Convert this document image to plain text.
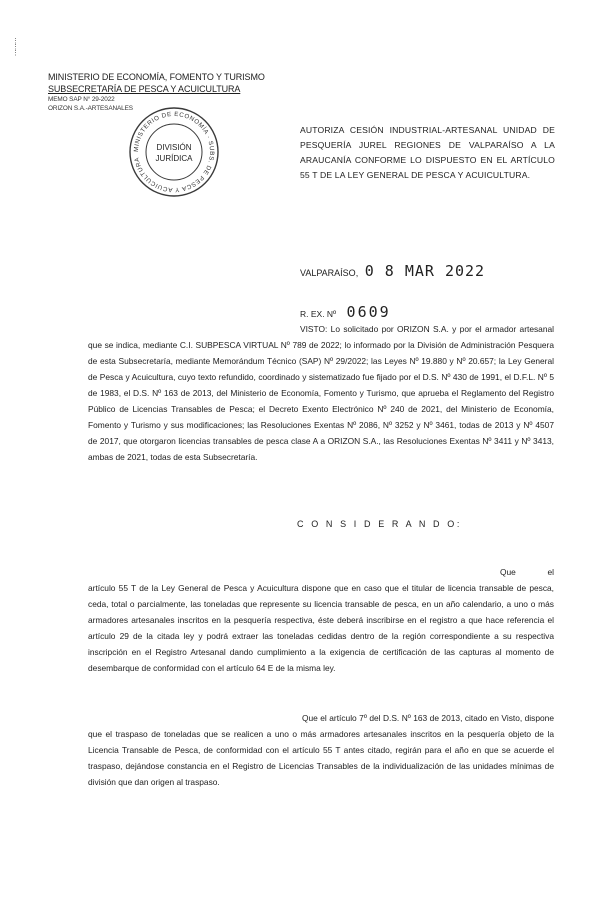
⋮
⋮
⋮
MINISTERIO DE ECONOMÍA, FOMENTO Y TURISMO
SUBSECRETARÍA DE PESCA Y ACUICULTURA
MEMO SAP N° 29-2022
ORIZON S.A.-ARTESANALES
MINISTERIO DE ECONOMÍA · SUBS. DE PESCA Y ACUICULTURA
DIVISIÓN
JURÍDICA
AUTORIZA CESIÓN INDUSTRIAL-ARTESANAL UNIDAD DE PESQUERÍA JUREL REGIONES DE VALPARAÍSO A LA ARAUCANÍA CONFORME LO DISPUESTO EN EL ARTÍCULO 55 T DE LA LEY GENERAL DE PESCA Y ACUICULTURA.
VALPARAÍSO, 0 8 MAR 2022
R. EX. Nº 0609
VISTO: Lo solicitado por ORIZON S.A. y por el armador artesanal que se indica, mediante C.I. SUBPESCA VIRTUAL Nº 789 de 2022; lo informado por la División de Administración Pesquera de esta Subsecretaría, mediante Memorándum Técnico (SAP) Nº 29/2022; las Leyes Nº 19.880 y Nº 20.657; la Ley General de Pesca y Acuicultura, cuyo texto refundido, coordinado y sistematizado fue fijado por el D.S. Nº 430 de 1991, el D.F.L. Nº 5 de 1983, el D.S. Nº 163 de 2013, del Ministerio de Economía, Fomento y Turismo, que aprueba el Reglamento del Registro Público de Licencias Transables de Pesca; el Decreto Exento Electrónico Nº 240 de 2021, del Ministerio de Economía, Fomento y Turismo y sus modificaciones; las Resoluciones Exentas Nº 2086, Nº 3252 y Nº 3461, todas de 2013 y Nº 4507 de 2017, que otorgaron licencias transables de pesca clase A a ORIZON S.A., las Resoluciones Exentas Nº 3411 y Nº 3413, ambas de 2021, todas de esta Subsecretaría.
C O N S I D E R A N D O:
Que el artículo 55 T de la Ley General de Pesca y Acuicultura dispone que en caso que el titular de licencia transable de pesca, ceda, total o parcialmente, las toneladas que represente su licencia transable de pesca, en un año calendario, a uno o más armadores artesanales inscritos en la pesquería respectiva, éste deberá inscribirse en el registro a que hace referencia el artículo 29 de la citada ley y podrá extraer las toneladas cedidas dentro de la región correspondiente a su respectiva inscripción en el Registro Artesanal dando cumplimiento a la exigencia de certificación de las capturas al momento de desembarque de conformidad con el artículo 64 E de la misma ley.
Que el artículo 7º del D.S. Nº 163 de 2013, citado en Visto, dispone que el traspaso de toneladas que se realicen a uno o más armadores artesanales inscritos en la pesquería objeto de la Licencia Transable de Pesca, de conformidad con el artículo 55 T antes citado, regirán para el año en que se acuerde el traspaso, dejándose constancia en el Registro de Licencias Transables de la individualización de las unidades mínimas de división que dan origen al traspaso.
